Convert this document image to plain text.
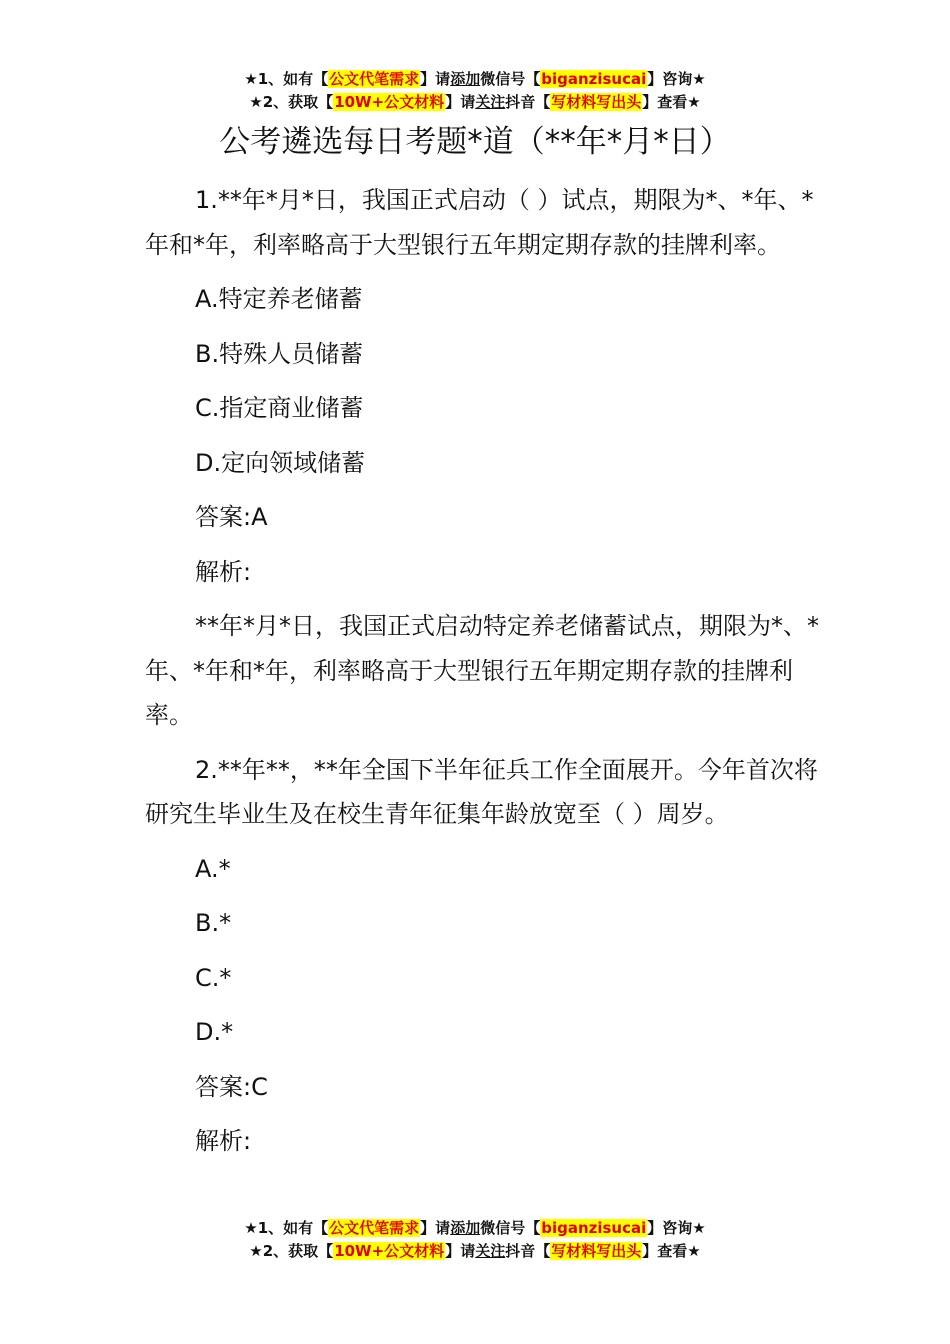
★1、如有【公文代笔需求】请添加微信号【biganzisucai】咨询★
★2、获取【10W+公文材料】请关注抖音【写材料写出头】查看★
公考遴选每日考题*道（**年*月*日）
1.**年*月*日，我国正式启动（ ）试点，期限为*、*年、*年和*年，利率略高于大型银行五年期定期存款的挂牌利率。
A.特定养老储蓄
B.特殊人员储蓄
C.指定商业储蓄
D.定向领域储蓄
答案:A
解析:
**年*月*日，我国正式启动特定养老储蓄试点，期限为*、*年、*年和*年，利率略高于大型银行五年期定期存款的挂牌利率。
2.**年**，**年全国下半年征兵工作全面展开。今年首次将研究生毕业生及在校生青年征集年龄放宽至（ ）周岁。
A.*
B.*
C.*
D.*
答案:C
解析:
★1、如有【公文代笔需求】请添加微信号【biganzisucai】咨询★
★2、获取【10W+公文材料】请关注抖音【写材料写出头】查看★
